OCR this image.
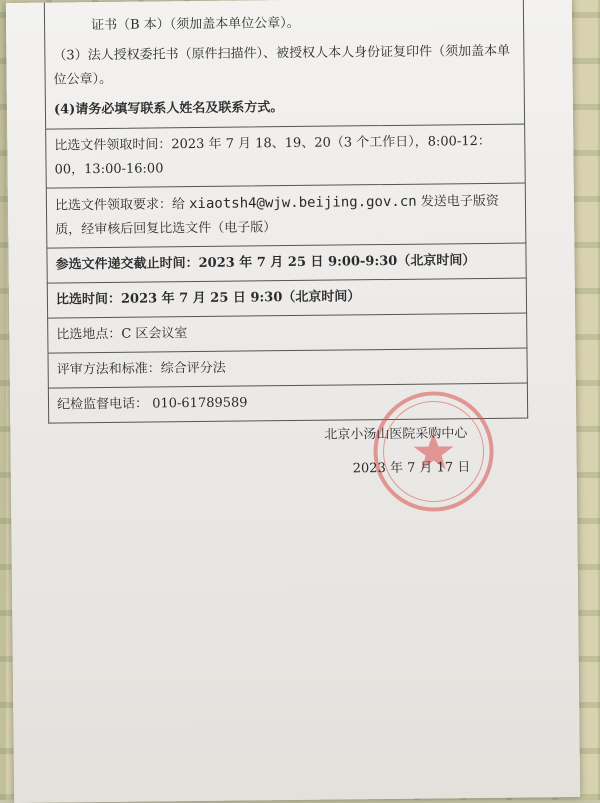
证书（B 本）（须加盖本单位公章）。
（3）法人授权委托书（原件扫描件）、被授权人本人身份证复印件（须加盖本单位公章）。
(4)请务必填写联系人姓名及联系方式。
比选文件领取时间：2023 年 7 月 18、19、20（3 个工作日），8:00-12：00，13:00-16:00
比选文件领取要求：给 xiaotsh4@wjw.beijing.gov.cn 发送电子版资质，经审核后回复比选文件（电子版）
参选文件递交截止时间：2023 年 7 月 25 日 9:00-9:30（北京时间）
比选时间：2023 年 7 月 25 日 9:30（北京时间）
比选地点：C 区会议室
评审方法和标准：综合评分法
纪检监督电话： 010-61789589
北京小汤山医院采购中心
2023 年 7 月 17 日
